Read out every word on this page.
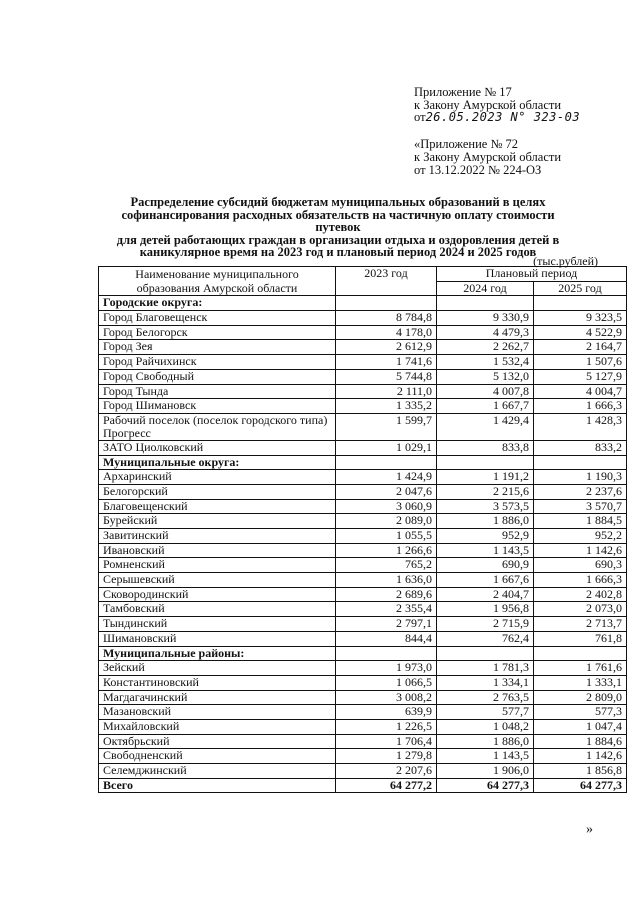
Приложение № 17
к Закону Амурской области
от26.05.2023 N° 323-03
«Приложение № 72
к Закону Амурской области
от 13.12.2022 № 224-ОЗ
Распределение субсидий бюджетам муниципальных образований в целях
софинансирования расходных обязательств на частичную оплату стоимости путевок
для детей работающих граждан в организации отдыха и оздоровления детей в
каникулярное время на 2023 год и плановый период 2024 и 2025 годов
(тыс.рублей)
Наименование муниципального образования Амурской области	2023 год	Плановый период	
		2024 год	2025 год
Городские округа:			
Город Благовещенск	8 784,8	9 330,9	9 323,5
Город Белогорск	4 178,0	4 479,3	4 522,9
Город Зея	2 612,9	2 262,7	2 164,7
Город Райчихинск	1 741,6	1 532,4	1 507,6
Город Свободный	5 744,8	5 132,0	5 127,9
Город Тында	2 111,0	4 007,8	4 004,7
Город Шимановск	1 335,2	1 667,7	1 666,3
Рабочий поселок (поселок городского типа) Прогресс	1 599,7	1 429,4	1 428,3
ЗАТО Циолковский	1 029,1	833,8	833,2
Муниципальные округа:			
Архаринский	1 424,9	1 191,2	1 190,3
Белогорский	2 047,6	2 215,6	2 237,6
Благовещенский	3 060,9	3 573,5	3 570,7
Бурейский	2 089,0	1 886,0	1 884,5
Завитинский	1 055,5	952,9	952,2
Ивановский	1 266,6	1 143,5	1 142,6
Ромненский	765,2	690,9	690,3
Серышевский	1 636,0	1 667,6	1 666,3
Сковородинский	2 689,6	2 404,7	2 402,8
Тамбовский	2 355,4	1 956,8	2 073,0
Тындинский	2 797,1	2 715,9	2 713,7
Шимановский	844,4	762,4	761,8
Муниципальные районы:			
Зейский	1 973,0	1 781,3	1 761,6
Константиновский	1 066,5	1 334,1	1 333,1
Магдагачинский	3 008,2	2 763,5	2 809,0
Мазановский	639,9	577,7	577,3
Михайловский	1 226,5	1 048,2	1 047,4
Октябрьский	1 706,4	1 886,0	1 884,6
Свободненский	1 279,8	1 143,5	1 142,6
Селемджинский	2 207,6	1 906,0	1 856,8
Всего	64 277,2	64 277,3	64 277,3
»
